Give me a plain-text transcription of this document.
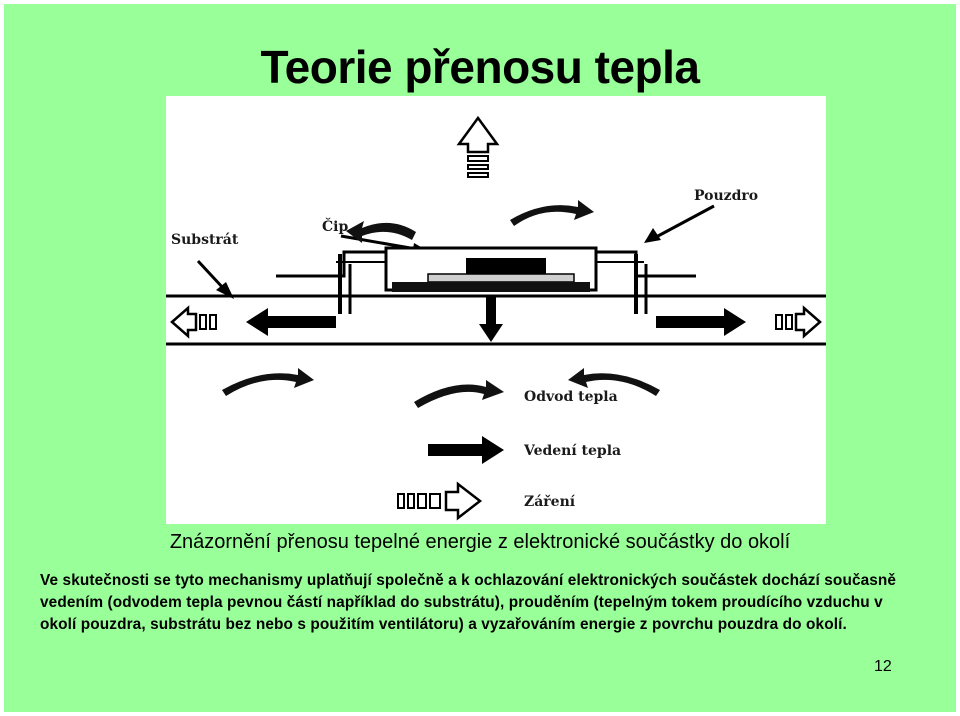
Teorie přenosu tepla
Substrát
Čip
Pouzdro
Odvod tepla
Vedení tepla
Záření
Znázornění přenosu tepelné energie z elektronické součástky do okolí
Ve skutečnosti se tyto mechanismy uplatňují společně a k ochlazování elektronických součástek dochází současně vedením (odvodem tepla pevnou částí například do substrátu), prouděním (tepelným tokem proudícího vzduchu v okolí pouzdra, substrátu bez nebo s použitím ventilátoru) a vyzařováním energie z povrchu pouzdra do okolí.
12
